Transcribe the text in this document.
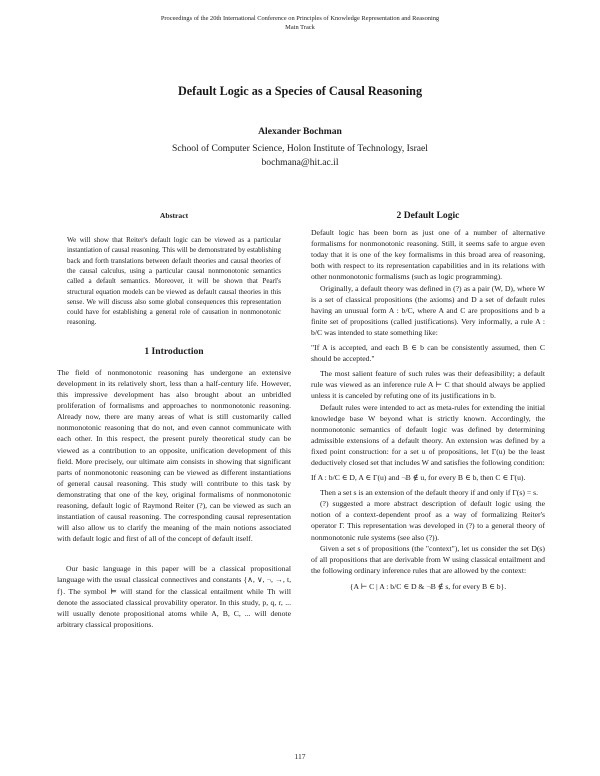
Proceedings of the 20th International Conference on Principles of Knowledge Representation and Reasoning
Main Track
Default Logic as a Species of Causal Reasoning
Alexander Bochman
School of Computer Science, Holon Institute of Technology, Israel
bochmana@hit.ac.il

Abstract

We will show that Reiter's default logic can be viewed as a particular instantiation of causal reasoning. This will be demonstrated by establishing back and forth translations between default theories and causal theories of the causal calculus, using a particular causal nonmonotonic semantics called a default semantics. Moreover, it will be shown that Pearl's structural equation models can be viewed as default causal theories in this sense. We will discuss also some global consequences this representation could have for establishing a general role of causation in nonmonotonic reasoning.

1 Introduction

The field of nonmonotonic reasoning has undergone an extensive development in its relatively short, less than a half-century life. However, this impressive development has also brought about an unbridled proliferation of formalisms and approaches to nonmonotonic reasoning. Already now, there are many areas of what is still customarily called nonmonotonic reasoning that do not, and even cannot communicate with each other. In this respect, the present purely theoretical study can be viewed as a contribution to an opposite, unification development of this field. More precisely, our ultimate aim consists in showing that significant parts of nonmonotonic reasoning can be viewed as different instantiations of general causal reasoning. This study will contribute to this task by demonstrating that one of the key, original formalisms of nonmonotonic reasoning, default logic of Raymond Reiter (?), can be viewed as such an instantiation of causal reasoning. The corresponding causal representation will also allow us to clarify the meaning of the main notions associated with default logic and first of all of the concept of default itself.

Our basic language in this paper will be a classical propositional language with the usual classical connectives and constants {∧, ∨, ¬, →, t, f}. The symbol ⊨ will stand for the classical entailment while Th will denote the associated classical provability operator. In this study, p, q, r, ... will usually denote propositional atoms while A, B, C, ... will denote arbitrary classical propositions.

2 Default Logic

Default logic has been born as just one of a number of alternative formalisms for nonmonotonic reasoning. Still, it seems safe to argue even today that it is one of the key formalisms in this broad area of reasoning, both with respect to its representation capabilities and in its relations with other nonmonotonic formalisms (such as logic programming).

Originally, a default theory was defined in (?) as a pair (W, D), where W is a set of classical propositions (the axioms) and D a set of default rules having an unusual form A : b/C, where A and C are propositions and b a finite set of propositions (called justifications). Very informally, a rule A : b/C was intended to state something like:

"If A is accepted, and each B ∈ b can be consistently assumed, then C should be accepted."

The most salient feature of such rules was their defeasibility; a default rule was viewed as an inference rule A ⊢ C that should always be applied unless it is canceled by refuting one of its justifications in b.

Default rules were intended to act as meta-rules for extending the initial knowledge base W beyond what is strictly known. Accordingly, the nonmonotonic semantics of default logic was defined by determining admissible extensions of a default theory. An extension was defined by a fixed point construction: for a set u of propositions, let Γ(u) be the least deductively closed set that includes W and satisfies the following condition:

If A : b/C ∈ D, A ∈ Γ(u) and ¬B ∉ u, for every B ∈ b, then C ∈ Γ(u).

Then a set s is an extension of the default theory if and only if Γ(s) = s.

(?) suggested a more abstract description of default logic using the notion of a context-dependent proof as a way of formalizing Reiter's operator Γ. This representation was developed in (?) to a general theory of nonmonotonic rule systems (see also (?)).

Given a set s of propositions (the "context"), let us consider the set D(s) of all propositions that are derivable from W using classical entailment and the following ordinary inference rules that are allowed by the context:

{A ⊢ C | A : b/C ∈ D & ¬B ∉ s, for every B ∈ b}.

117
